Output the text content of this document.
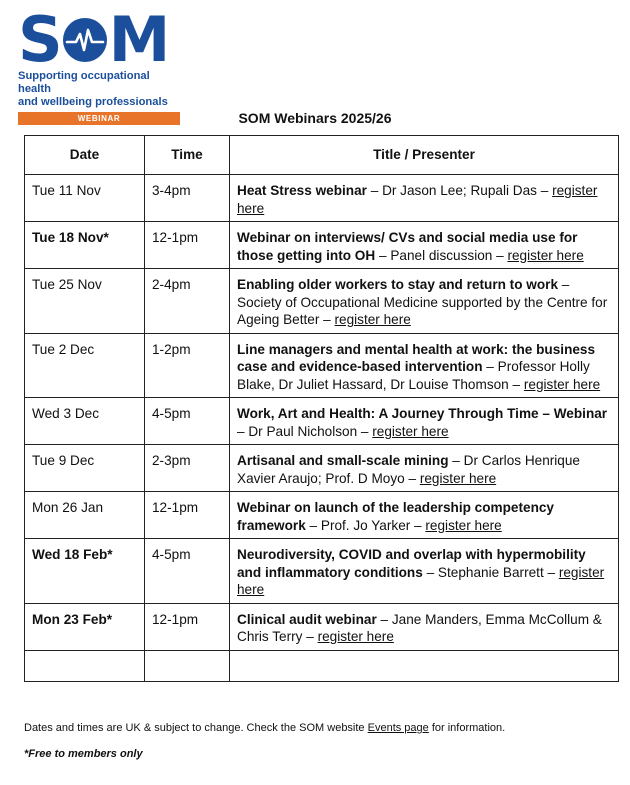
S M
Supporting occupational health
and wellbeing professionals
WEBINAR	SOM Webinars 2025/26
Date	Time	Title / Presenter
Tue 11 Nov	3-4pm	Heat Stress webinar – Dr Jason Lee; Rupali Das – register here
Tue 18 Nov*	12-1pm	Webinar on interviews/ CVs and social media use for those getting into OH – Panel discussion – register here
Tue 25 Nov	2-4pm	Enabling older workers to stay and return to work – Society of Occupational Medicine supported by the Centre for Ageing Better – register here
Tue 2 Dec	1-2pm	Line managers and mental health at work: the business case and evidence-based intervention – Professor Holly Blake, Dr Juliet Hassard, Dr Louise Thomson – register here
Wed 3 Dec	4-5pm	Work, Art and Health: A Journey Through Time – Webinar – Dr Paul Nicholson – register here
Tue 9 Dec	2-3pm	Artisanal and small-scale mining – Dr Carlos Henrique Xavier Araujo; Prof. D Moyo – register here
Mon 26 Jan	12-1pm	Webinar on launch of the leadership competency framework – Prof. Jo Yarker – register here
Wed 18 Feb*	4-5pm	Neurodiversity, COVID and overlap with hypermobility and inflammatory conditions – Stephanie Barrett – register here
Mon 23 Feb*	12-1pm	Clinical audit webinar – Jane Manders, Emma McCollum & Chris Terry – register here

Dates and times are UK & subject to change. Check the SOM website Events page for information.
*Free to members only
